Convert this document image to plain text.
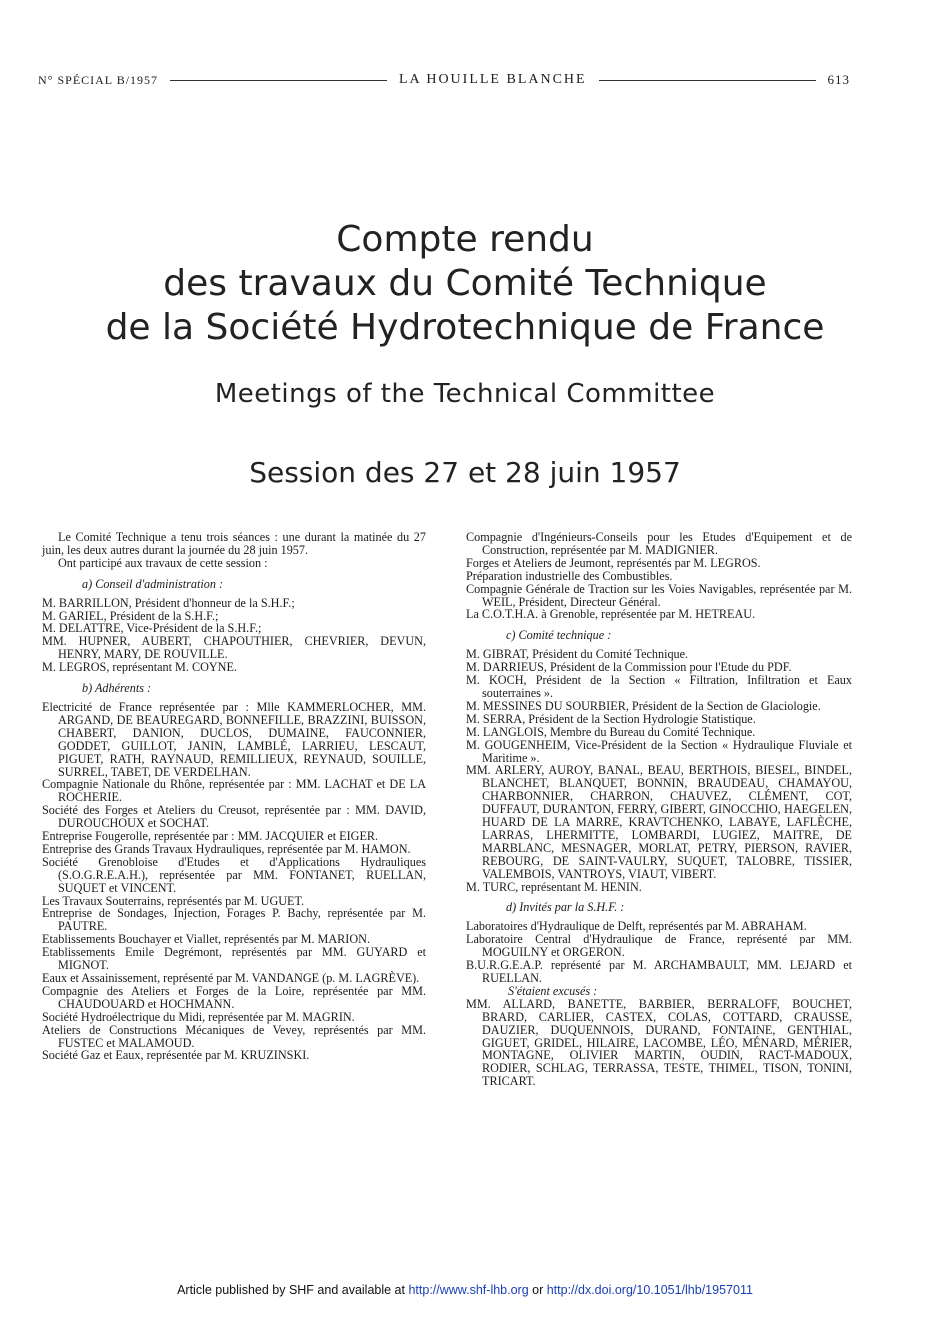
N° SPÉCIAL B/1957	LA HOUILLE BLANCHE	613
Compte rendu
des travaux du Comité Technique
de la Société Hydrotechnique de France
Meetings of the Technical Committee
Session des 27 et 28 juin 1957

Le Comité Technique a tenu trois séances : une durant la matinée du 27 juin, les deux autres durant la journée du 28 juin 1957.

Ont participé aux travaux de cette session :

a) Conseil d'administration :

M. BARRILLON, Président d'honneur de la S.H.F.;

M. GARIEL, Président de la S.H.F.;

M. DELATTRE, Vice-Président de la S.H.F.;

MM. HUPNER, AUBERT, CHAPOUTHIER, CHEVRIER, DEVUN, HENRY, MARY, DE ROUVILLE.

M. LEGROS, représentant M. COYNE.

b) Adhérents :

Electricité de France représentée par : Mlle KAMMERLOCHER, MM. ARGAND, DE BEAUREGARD, BONNEFILLE, BRAZZINI, BUISSON, CHABERT, DANION, DUCLOS, DUMAINE, FAUCONNIER, GODDET, GUILLOT, JANIN, LAMBLÉ, LARRIEU, LESCAUT, PIGUET, RATH, RAYNAUD, REMILLIEUX, REYNAUD, SOUILLE, SURREL, TABET, DE VERDELHAN.

Compagnie Nationale du Rhône, représentée par : MM. LACHAT et DE LA ROCHERIE.

Société des Forges et Ateliers du Creusot, représentée par : MM. DAVID, DUROUCHOUX et SOCHAT.

Entreprise Fougerolle, représentée par : MM. JACQUIER et EIGER.

Entreprise des Grands Travaux Hydrauliques, représentée par M. HAMON.

Société Grenobloise d'Etudes et d'Applications Hydrauliques (S.O.G.R.E.A.H.), représentée par MM. FONTANET, RUELLAN, SUQUET et VINCENT.

Les Travaux Souterrains, représentés par M. UGUET.

Entreprise de Sondages, Injection, Forages P. Bachy, représentée par M. PAUTRE.

Etablissements Bouchayer et Viallet, représentés par M. MARION.

Etablissements Emile Degrémont, représentés par MM. GUYARD et MIGNOT.

Eaux et Assainissement, représenté par M. VANDANGE (p. M. LAGRÈVE).

Compagnie des Ateliers et Forges de la Loire, représentée par MM. CHAUDOUARD et HOCHMANN.

Société Hydroélectrique du Midi, représentée par M. MAGRIN.

Ateliers de Constructions Mécaniques de Vevey, représentés par MM. FUSTEC et MALAMOUD.

Société Gaz et Eaux, représentée par M. KRUZINSKI.

Compagnie d'Ingénieurs-Conseils pour les Etudes d'Equipement et de Construction, représentée par M. MADIGNIER.

Forges et Ateliers de Jeumont, représentés par M. LEGROS.

Préparation industrielle des Combustibles.

Compagnie Générale de Traction sur les Voies Navigables, représentée par M. WEIL, Président, Directeur Général.

La C.O.T.H.A. à Grenoble, représentée par M. HETREAU.

c) Comité technique :

M. GIBRAT, Président du Comité Technique.

M. DARRIEUS, Président de la Commission pour l'Etude du PDF.

M. KOCH, Président de la Section « Filtration, Infiltration et Eaux souterraines ».

M. MESSINES DU SOURBIER, Président de la Section de Glaciologie.

M. SERRA, Président de la Section Hydrologie Statistique.

M. LANGLOIS, Membre du Bureau du Comité Technique.

M. GOUGENHEIM, Vice-Président de la Section « Hydraulique Fluviale et Maritime ».

MM. ARLERY, AUROY, BANAL, BEAU, BERTHOIS, BIESEL, BINDEL, BLANCHET, BLANQUET, BONNIN, BRAUDEAU, CHAMAYOU, CHARBONNIER, CHARRON, CHAUVEZ, CLÉMENT, COT, DUFFAUT, DURANTON, FERRY, GIBERT, GINOCCHIO, HAEGELEN, HUARD DE LA MARRE, KRAVTCHENKO, LABAYE, LAFLÈCHE, LARRAS, LHERMITTE, LOMBARDI, LUGIEZ, MAITRE, DE MARBLANC, MESNAGER, MORLAT, PETRY, PIERSON, RAVIER, REBOURG, DE SAINT-VAULRY, SUQUET, TALOBRE, TISSIER, VALEMBOIS, VANTROYS, VIAUT, VIBERT.

M. TURC, représentant M. HENIN.

d) Invités par la S.H.F. :

Laboratoires d'Hydraulique de Delft, représentés par M. ABRAHAM.

Laboratoire Central d'Hydraulique de France, représenté par MM. MOGUILNY et ORGERON.

B.U.R.G.E.A.P. représenté par M. ARCHAMBAULT, MM. LEJARD et RUELLAN.

S'étaient excusés :

MM. ALLARD, BANETTE, BARBIER, BERRALOFF, BOUCHET, BRARD, CARLIER, CASTEX, COLAS, COTTARD, CRAUSSE, DAUZIER, DUQUENNOIS, DURAND, FONTAINE, GENTHIAL, GIGUET, GRIDEL, HILAIRE, LACOMBE, LÉO, MÉNARD, MÉRIER, MONTAGNE, OLIVIER MARTIN, OUDIN, RACT-MADOUX, RODIER, SCHLAG, TERRASSA, TESTE, THIMEL, TISON, TONINI, TRICART.

Article published by SHF and available at http://www.shf-lhb.org or http://dx.doi.org/10.1051/lhb/1957011
